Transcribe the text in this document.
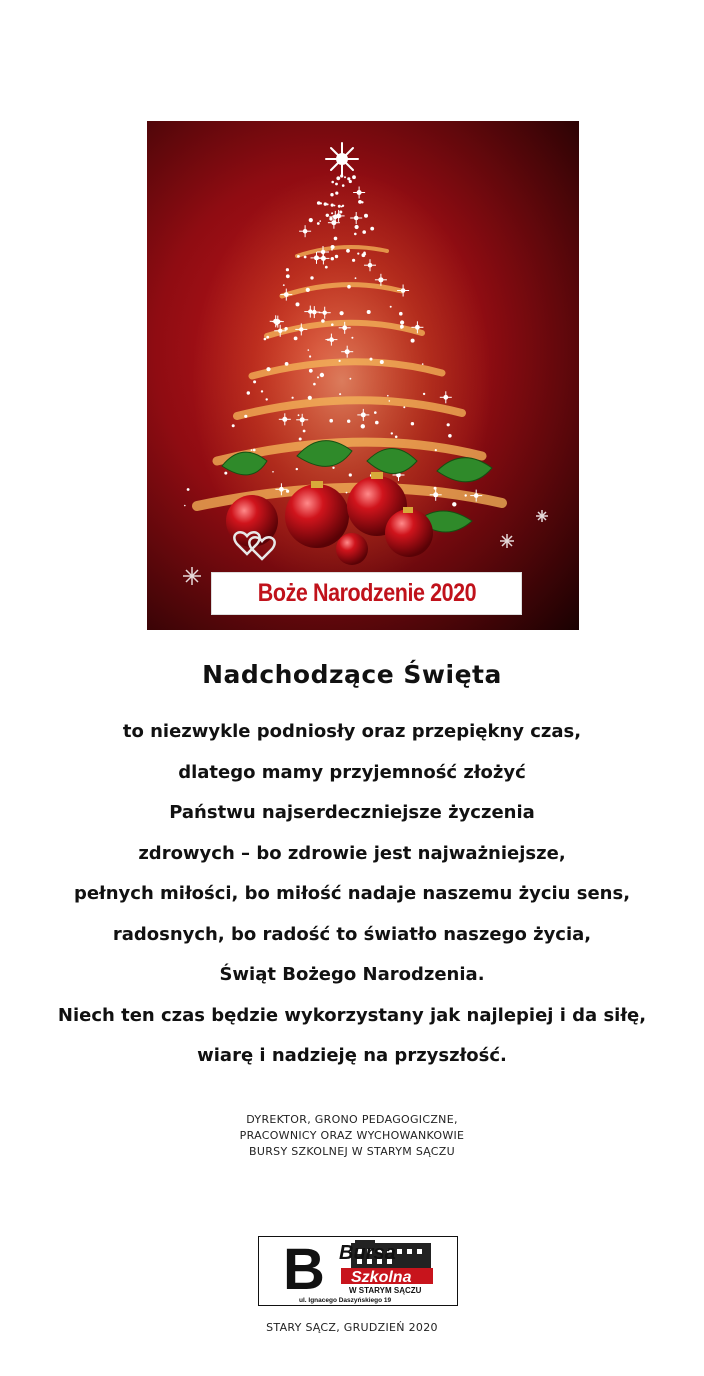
Boże Narodzenie 2020
Nadchodzące Święta
to niezwykle podniosły oraz przepiękny czas,
dlatego mamy przyjemność złożyć
Państwu najserdeczniejsze życzenia
zdrowych – bo zdrowie jest najważniejsze,
pełnych miłości, bo miłość nadaje naszemu życiu sens,
radosnych, bo radość to światło naszego życia,
Świąt Bożego Narodzenia.
Niech ten czas będzie wykorzystany jak najlepiej i da siłę,
wiarę i nadzieję na przyszłość.
DYREKTOR, GRONO PEDAGOGICZNE,
PRACOWNICY ORAZ WYCHOWANKOWIE
BURSY SZKOLNEJ W STARYM SĄCZU
B Bursa
Szkolna
W STARYM SĄCZU
ul. Ignacego Daszyńskiego 19
STARY SĄCZ, GRUDZIEŃ 2020
